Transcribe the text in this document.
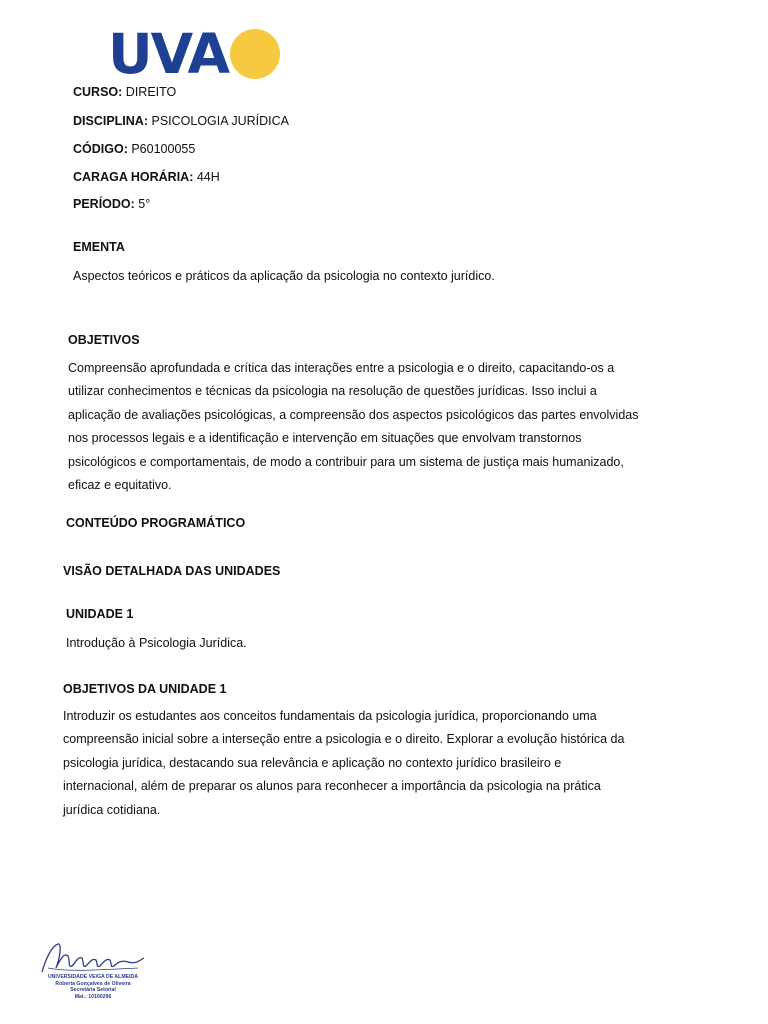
UVA
CURSO: DIREITO
DISCIPLINA: PSICOLOGIA JURÍDICA
CÓDIGO: P60100055
CARAGA HORÁRIA: 44H
PERÍODO: 5°
EMENTA
Aspectos teóricos e práticos da aplicação da psicologia no contexto jurídico.
OBJETIVOS
Compreensão aprofundada e crítica das interações entre a psicologia e o direito, capacitando-os a
utilizar conhecimentos e técnicas da psicologia na resolução de questões jurídicas. Isso inclui a
aplicação de avaliações psicológicas, a compreensão dos aspectos psicológicos das partes envolvidas
nos processos legais e a identificação e intervenção em situações que envolvam transtornos
psicológicos e comportamentais, de modo a contribuir para um sistema de justiça mais humanizado,
eficaz e equitativo.
CONTEÚDO PROGRAMÁTICO
VISÃO DETALHADA DAS UNIDADES
UNIDADE 1
Introdução à Psicologia Jurídica.
OBJETIVOS DA UNIDADE 1
Introduzir os estudantes aos conceitos fundamentais da psicologia jurídica, proporcionando uma
compreensão inicial sobre a interseção entre a psicologia e o direito. Explorar a evolução histórica da
psicologia jurídica, destacando sua relevância e aplicação no contexto jurídico brasileiro e
internacional, além de preparar os alunos para reconhecer a importância da psicologia na prática
jurídica cotidiana.
UNIVERSIDADE VEIGA DE ALMEIDA
Roberta Gonçalves de Oliveira
Secretária Setorial
Mat.: 10100296
